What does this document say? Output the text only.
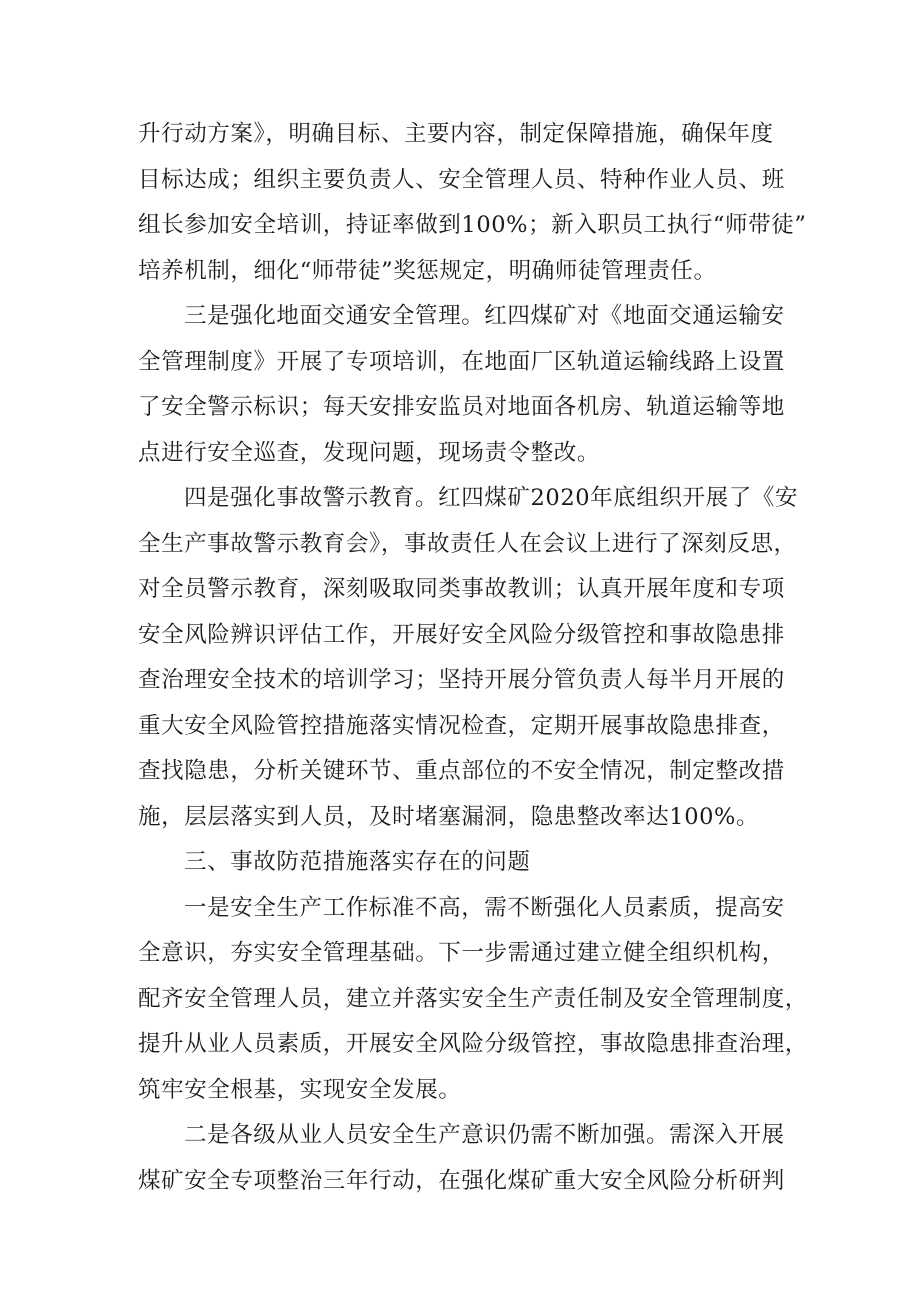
升行动方案》，明确目标、主要内容，制定保障措施，确保年度
目标达成；组织主要负责人、安全管理人员、特种作业人员、班
组长参加安全培训，持证率做到100%；新入职员工执行“师带徒”
培养机制，细化“师带徒”奖惩规定，明确师徒管理责任。
三是强化地面交通安全管理。红四煤矿对《地面交通运输安
全管理制度》开展了专项培训，在地面厂区轨道运输线路上设置
了安全警示标识；每天安排安监员对地面各机房、轨道运输等地
点进行安全巡查，发现问题，现场责令整改。
四是强化事故警示教育。红四煤矿2020年底组织开展了《安
全生产事故警示教育会》，事故责任人在会议上进行了深刻反思，
对全员警示教育，深刻吸取同类事故教训；认真开展年度和专项
安全风险辨识评估工作，开展好安全风险分级管控和事故隐患排
查治理安全技术的培训学习；坚持开展分管负责人每半月开展的
重大安全风险管控措施落实情况检查，定期开展事故隐患排查，
查找隐患，分析关键环节、重点部位的不安全情况，制定整改措
施，层层落实到人员，及时堵塞漏洞，隐患整改率达100%。
三、事故防范措施落实存在的问题
一是安全生产工作标准不高，需不断强化人员素质，提高安
全意识，夯实安全管理基础。下一步需通过建立健全组织机构，
配齐安全管理人员，建立并落实安全生产责任制及安全管理制度，
提升从业人员素质，开展安全风险分级管控，事故隐患排查治理，
筑牢安全根基，实现安全发展。
二是各级从业人员安全生产意识仍需不断加强。需深入开展
煤矿安全专项整治三年行动，在强化煤矿重大安全风险分析研判
